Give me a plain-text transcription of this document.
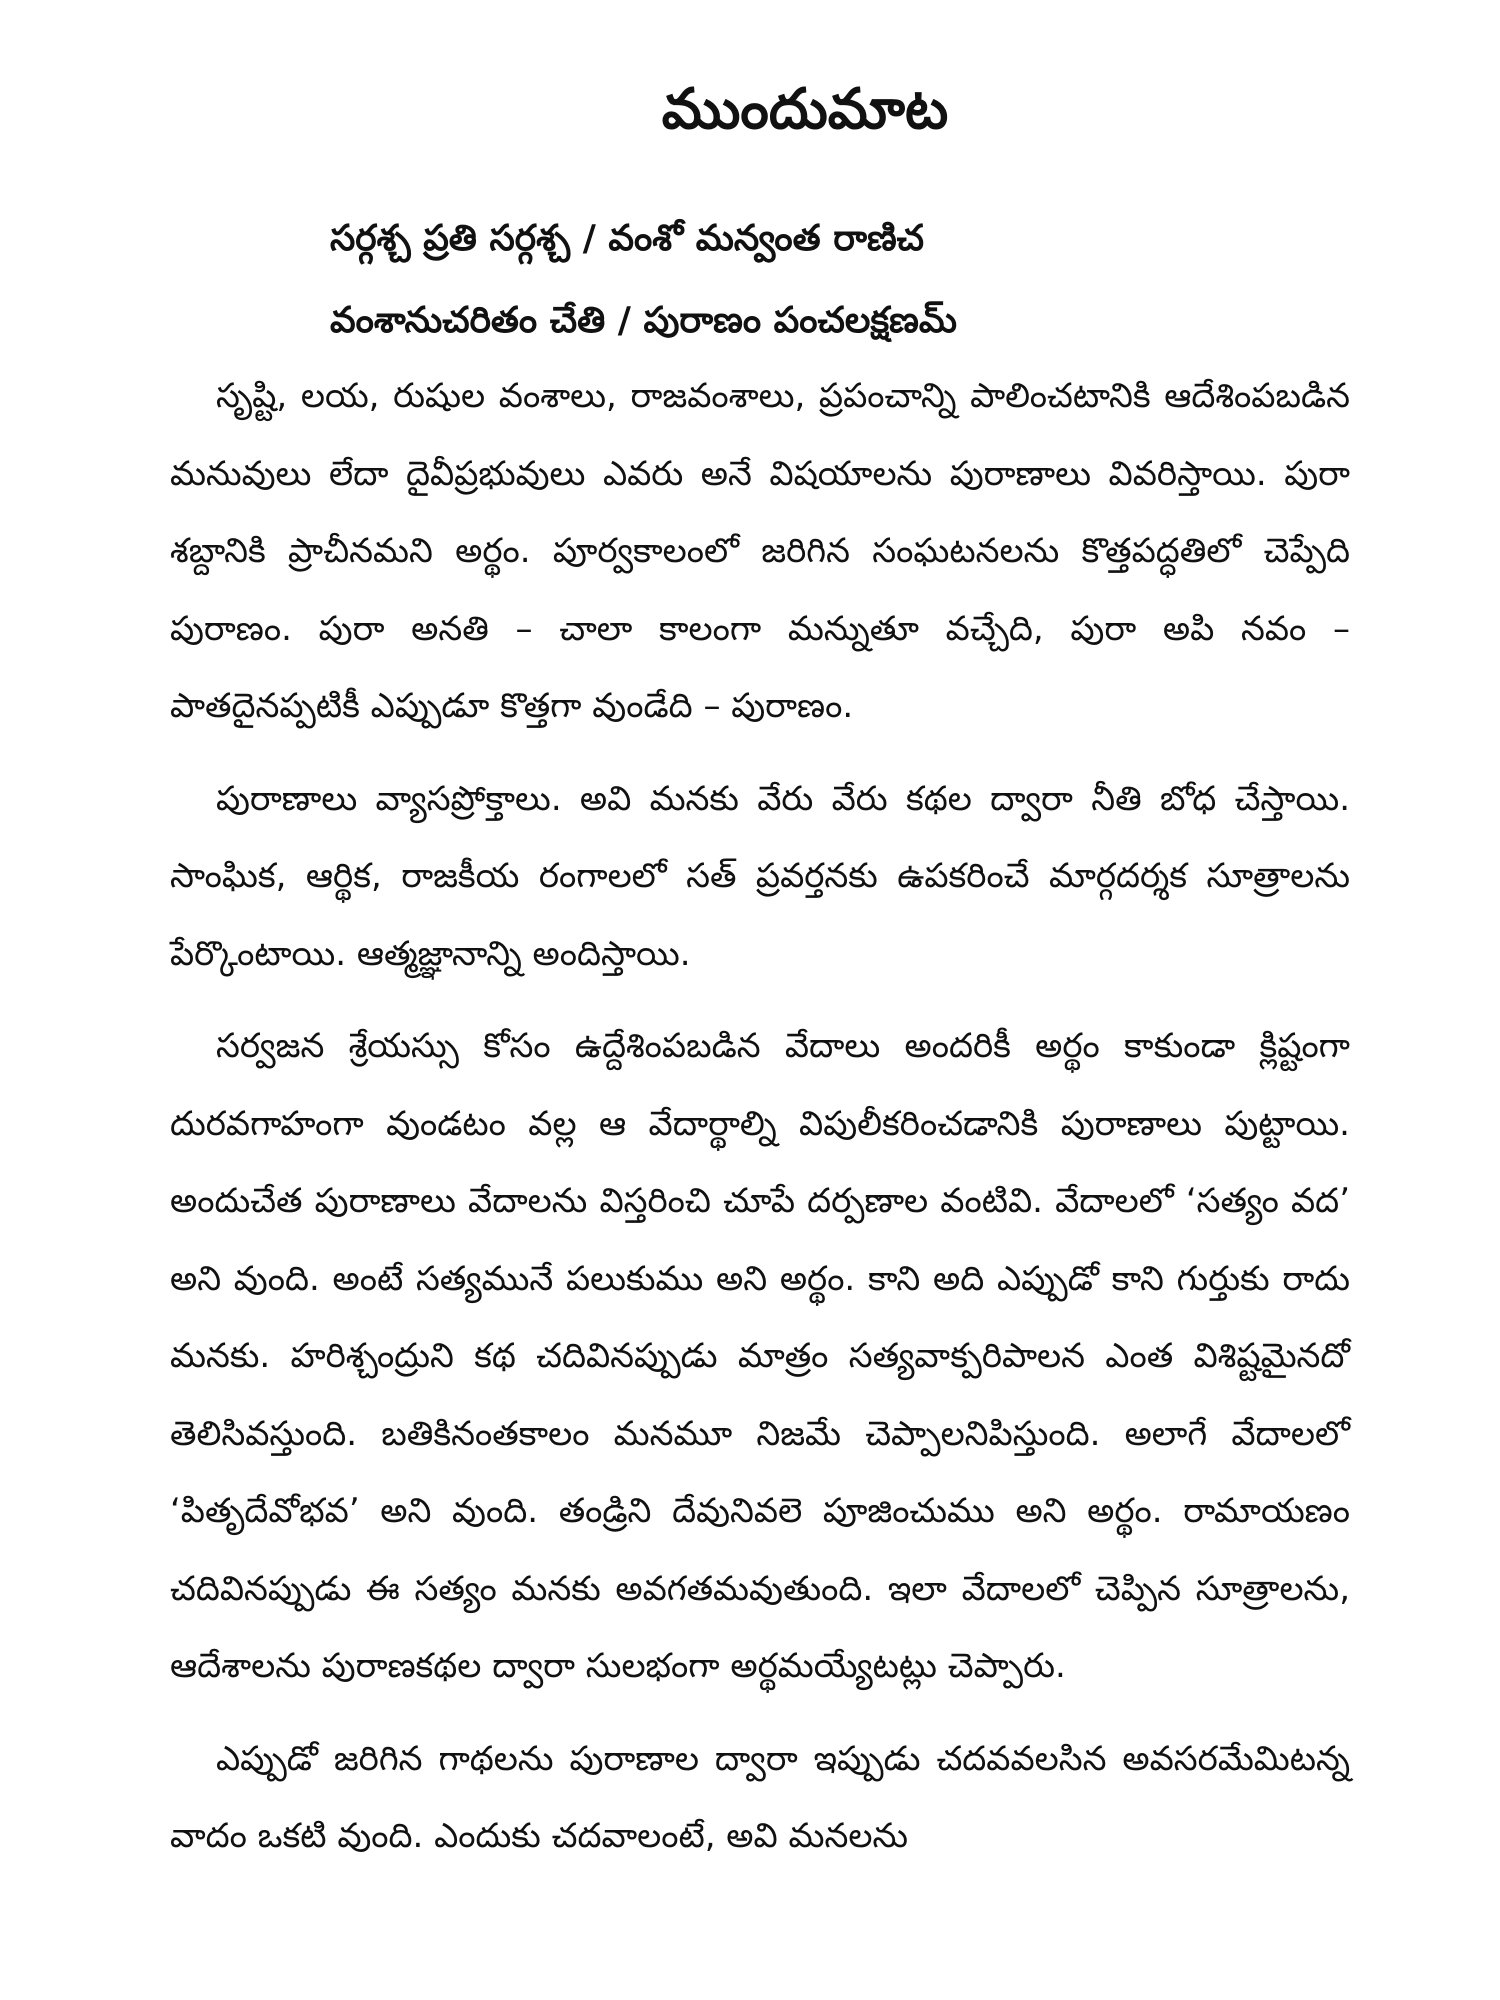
ముందుమాట
సర్గశ్చ ప్రతి సర్గశ్చ / వంశో మన్వంత రాణిచ
వంశానుచరితం చేతి / పురాణం పంచలక్షణమ్

సృష్టి, లయ, రుషుల వంశాలు, రాజవంశాలు, ప్రపంచాన్ని పాలించటానికి ఆదేశింపబడిన మనువులు లేదా దైవీప్రభువులు ఎవరు అనే విషయాలను పురాణాలు వివరిస్తాయి. పురా శబ్దానికి ప్రాచీనమని అర్థం. పూర్వకాలంలో జరిగిన సంఘటనలను కొత్తపద్ధతిలో చెప్పేది పురాణం. పురా అనతి – చాలా కాలంగా మన్నుతూ వచ్చేది, పురా అపి నవం – పాతదైనప్పటికీ ఎప్పుడూ కొత్తగా వుండేది – పురాణం.

పురాణాలు వ్యాసప్రోక్తాలు. అవి మనకు వేరు వేరు కథల ద్వారా నీతి బోధ చేస్తాయి. సాంఘిక, ఆర్థిక, రాజకీయ రంగాలలో సత్ ప్రవర్తనకు ఉపకరించే మార్గదర్శక సూత్రాలను పేర్కొంటాయి. ఆత్మజ్ఞానాన్ని అందిస్తాయి.

సర్వజన శ్రేయస్సు కోసం ఉద్దేశింపబడిన వేదాలు అందరికీ అర్థం కాకుండా క్లిష్టంగా దురవగాహంగా వుండటం వల్ల ఆ వేదార్థాల్ని విపులీకరించడానికి పురాణాలు పుట్టాయి. అందుచేత పురాణాలు వేదాలను విస్తరించి చూపే దర్పణాల వంటివి. వేదాలలో ‘సత్యం వద’ అని వుంది. అంటే సత్యమునే పలుకుము అని అర్థం. కాని అది ఎప్పుడో కాని గుర్తుకు రాదు మనకు. హరిశ్చంద్రుని కథ చదివినప్పుడు మాత్రం సత్యవాక్పరిపాలన ఎంత విశిష్టమైనదో తెలిసివస్తుంది. బతికినంతకాలం మనమూ నిజమే చెప్పాలనిపిస్తుంది. అలాగే వేదాలలో ‘పితృదేవోభవ’ అని వుంది. తండ్రిని దేవునివలె పూజించుము అని అర్థం. రామాయణం చదివినప్పుడు ఈ సత్యం మనకు అవగతమవుతుంది. ఇలా వేదాలలో చెప్పిన సూత్రాలను, ఆదేశాలను పురాణకథల ద్వారా సులభంగా అర్థమయ్యేటట్లు చెప్పారు.

ఎప్పుడో జరిగిన గాథలను పురాణాల ద్వారా ఇప్పుడు చదవవలసిన అవసరమేమిటన్న వాదం ఒకటి వుంది. ఎందుకు చదవాలంటే, అవి మనలను
